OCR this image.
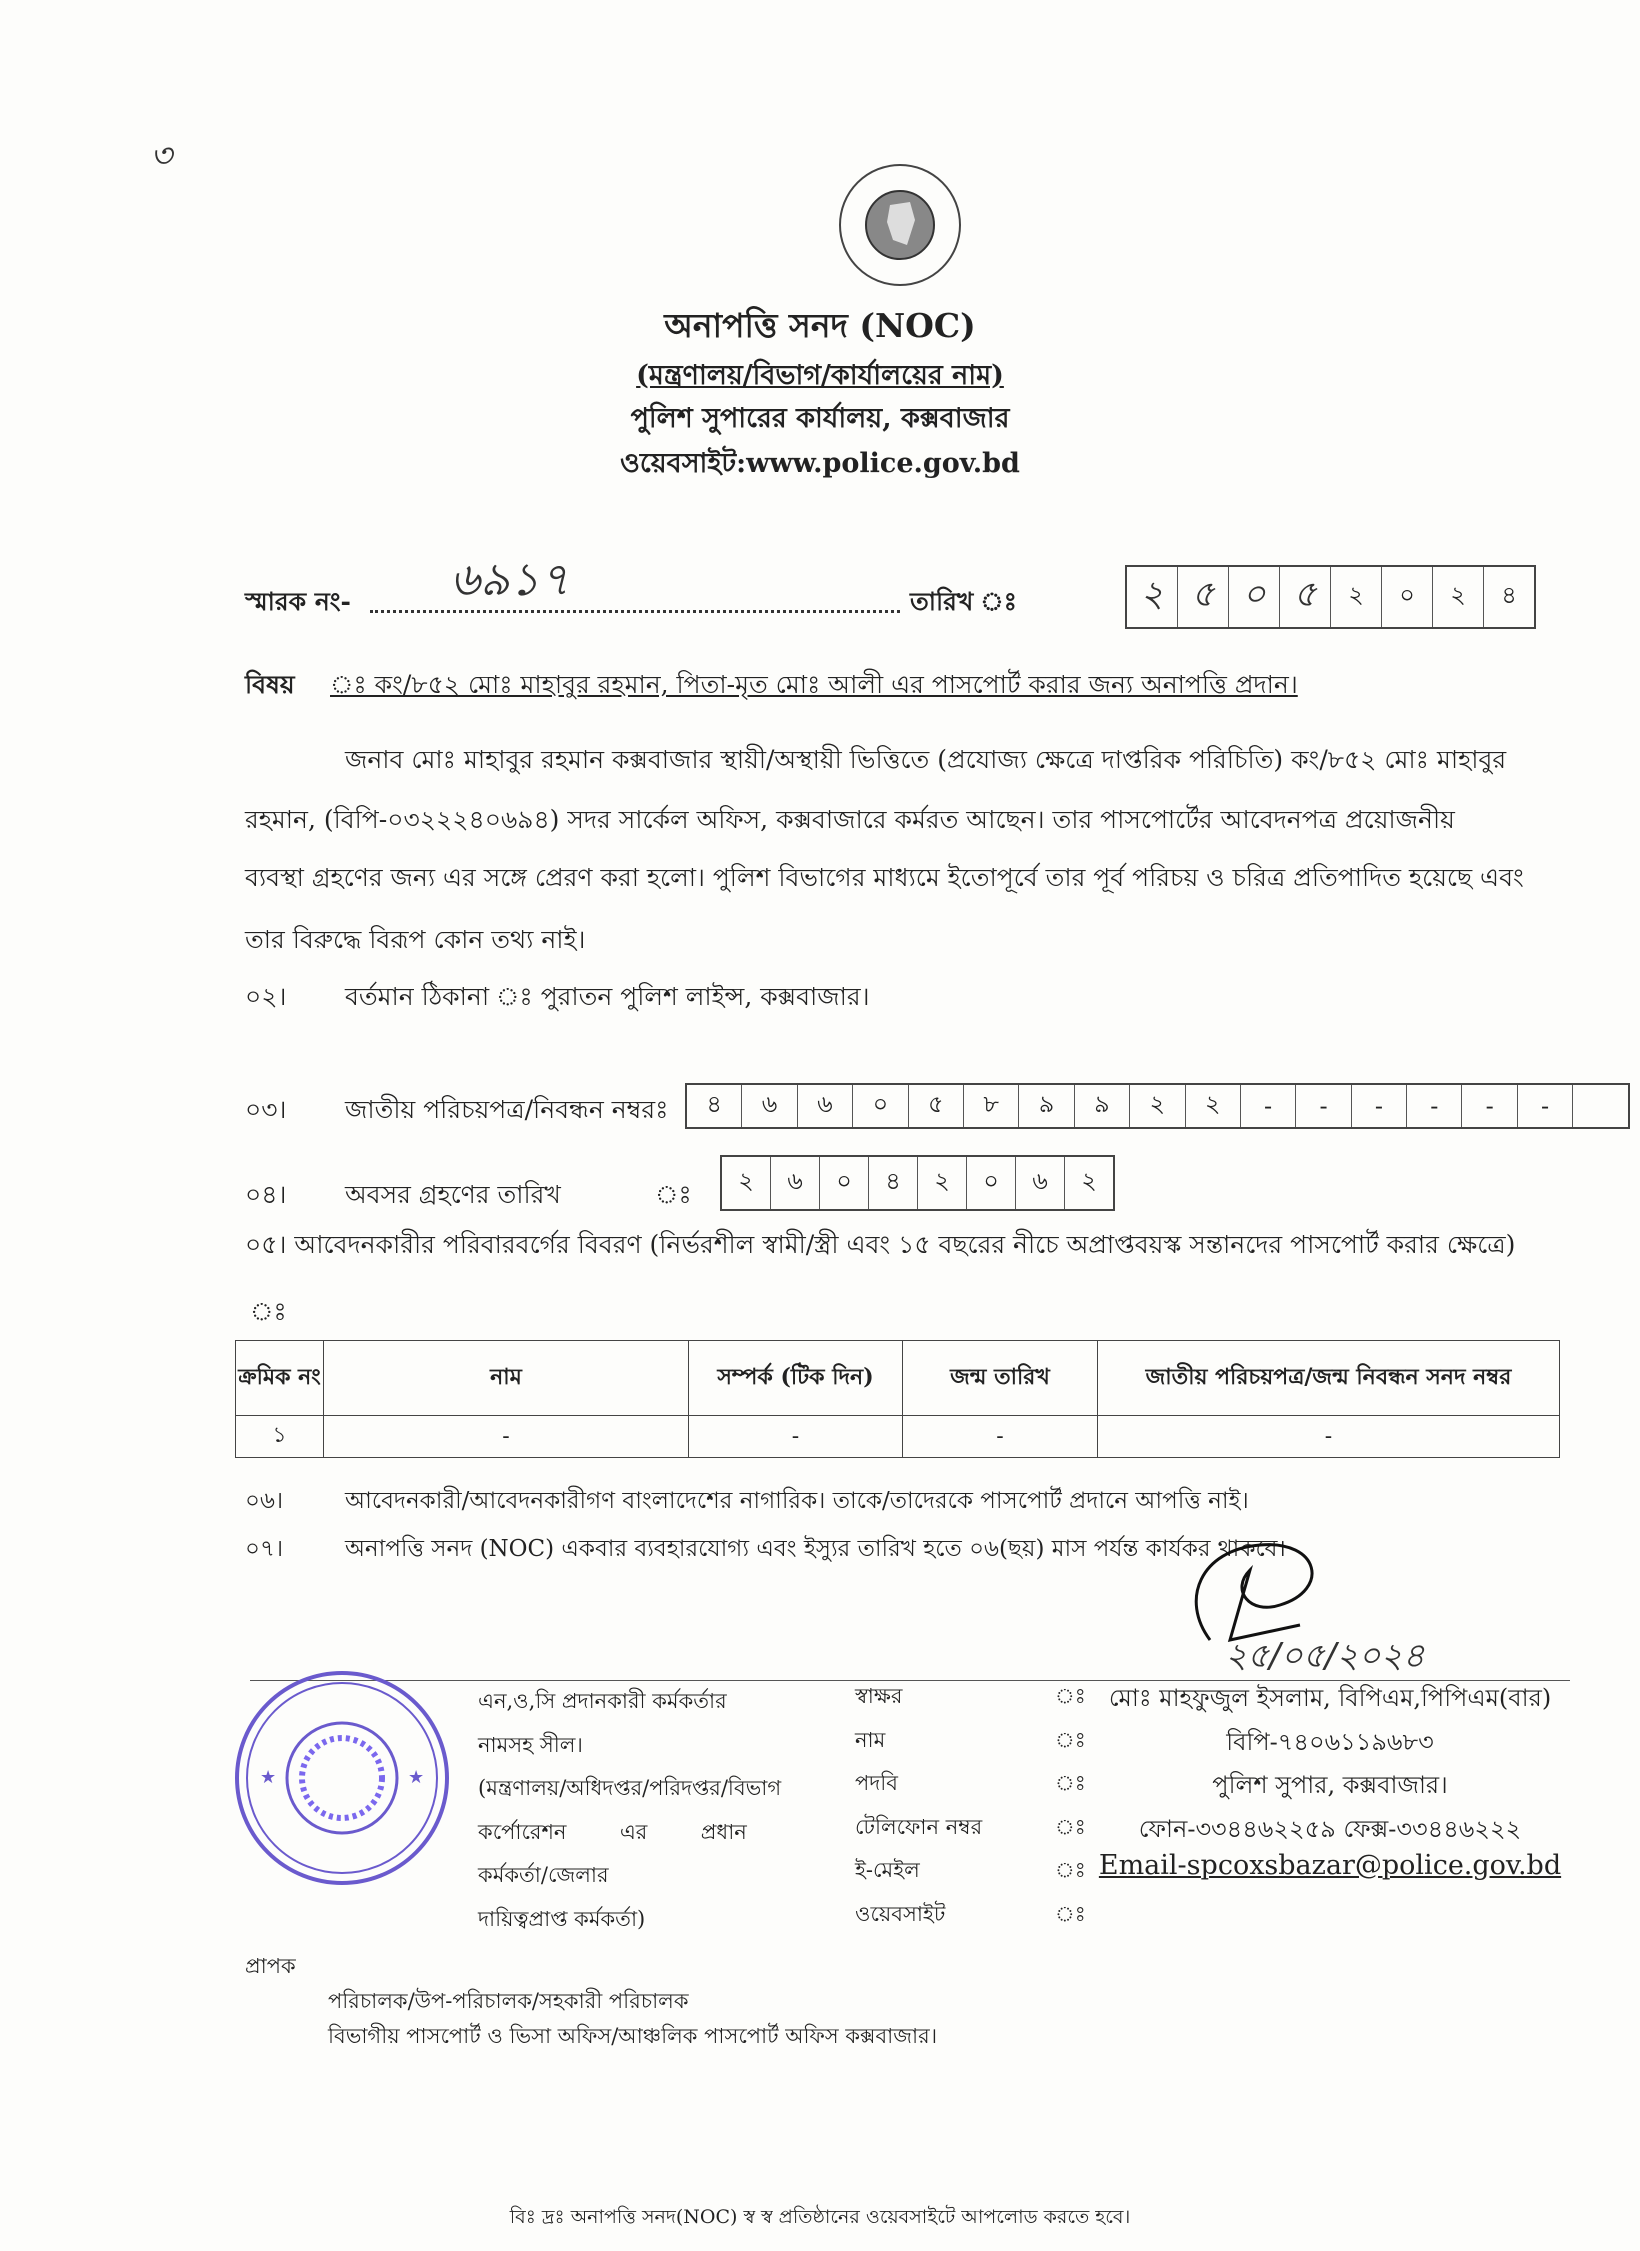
৩
অনাপত্তি সনদ (NOC)
(মন্ত্রণালয়/বিভাগ/কার্যালয়ের নাম)
পুলিশ সুপারের কার্যালয়, কক্সবাজার
ওয়েবসাইট:www.police.gov.bd
স্মারক নং- ৬৯১৭	তারিখ ঃ	২ ৫ ০ ৫	২	০	২	৪
বিষয় ঃ কং/৮৫২ মোঃ মাহাবুর রহমান, পিতা-মৃত মোঃ আলী এর পাসপোর্ট করার জন্য অনাপত্তি প্রদান।
জনাব মোঃ মাহাবুর রহমান কক্সবাজার স্থায়ী/অস্থায়ী ভিত্তিতে (প্রযোজ্য ক্ষেত্রে দাপ্তরিক পরিচিতি) কং/৮৫২ মোঃ মাহাবুর
রহমান, (বিপি-০৩২২২৪০৬৯৪) সদর সার্কেল অফিস, কক্সবাজারে কর্মরত আছেন। তার পাসপোর্টের আবেদনপত্র প্রয়োজনীয়
ব্যবস্থা গ্রহণের জন্য এর সঙ্গে প্রেরণ করা হলো। পুলিশ বিভাগের মাধ্যমে ইতোপূর্বে তার পূর্ব পরিচয় ও চরিত্র প্রতিপাদিত হয়েছে এবং
তার বিরুদ্ধে বিরূপ কোন তথ্য নাই।
০২। বর্তমান ঠিকানা ঃ পুরাতন পুলিশ লাইন্স, কক্সবাজার।
০৩। জাতীয় পরিচয়পত্র/নিবন্ধন নম্বরঃ	৪	৬	৬	০	৫	৮	৯	৯	২	২	-	-	-	-	-	-
০৪। অবসর গ্রহণের তারিখ	ঃ	২	৬	০	৪	২	০	৬	২
০৫। আবেদনকারীর পরিবারবর্গের বিবরণ (নির্ভরশীল স্বামী/স্ত্রী এবং ১৫ বছরের নীচে অপ্রাপ্তবয়স্ক সন্তানদের পাসপোর্ট করার ক্ষেত্রে)
ঃ
ক্রমিক নং	নাম	সম্পর্ক (টিক দিন)	জন্ম তারিখ	জাতীয় পরিচয়পত্র/জন্ম নিবন্ধন সনদ নম্বর
১	-	-	-	-
০৬।	আবেদনকারী/আবেদনকারীগণ বাংলাদেশের নাগারিক। তাকে/তাদেরকে পাসপোর্ট প্রদানে আপত্তি নাই।
০৭।	অনাপত্তি সনদ (NOC) একবার ব্যবহারযোগ্য এবং ইস্যুর তারিখ হতে ০৬(ছয়) মাস পর্যন্ত কার্যকর থাকবে।
২৫/০৫/২০২৪
★	★
এন,ও,সি প্রদানকারী কর্মকর্তার
নামসহ সীল।
(মন্ত্রণালয়/অধিদপ্তর/পরিদপ্তর/বিভাগ
কর্পোরেশন        এর        প্রধান
কর্মকর্তা/জেলার
দায়িত্বপ্রাপ্ত কর্মকর্তা)
স্বাক্ষর	ঃ মোঃ মাহফুজুল ইসলাম, বিপিএম,পিপিএম(বার)
নাম	ঃ	বিপি-৭৪০৬১১৯৬৮৩
পদবি	ঃ	পুলিশ সুপার, কক্সবাজার।
টেলিফোন নম্বর	ঃ	ফোন-৩৩৪৪৬২২৫৯ ফেক্স-৩৩৪৪৬২২২
ই-মেইল	ঃ Email-spcoxsbazar@police.gov.bd
ওয়েবসাইট	ঃ
প্রাপক
পরিচালক/উপ-পরিচালক/সহকারী পরিচালক
বিভাগীয় পাসপোর্ট ও ভিসা অফিস/আঞ্চলিক পাসপোর্ট অফিস কক্সবাজার।
বিঃ দ্রঃ অনাপত্তি সনদ(NOC) স্ব স্ব প্রতিষ্ঠানের ওয়েবসাইটে আপলোড করতে হবে।
